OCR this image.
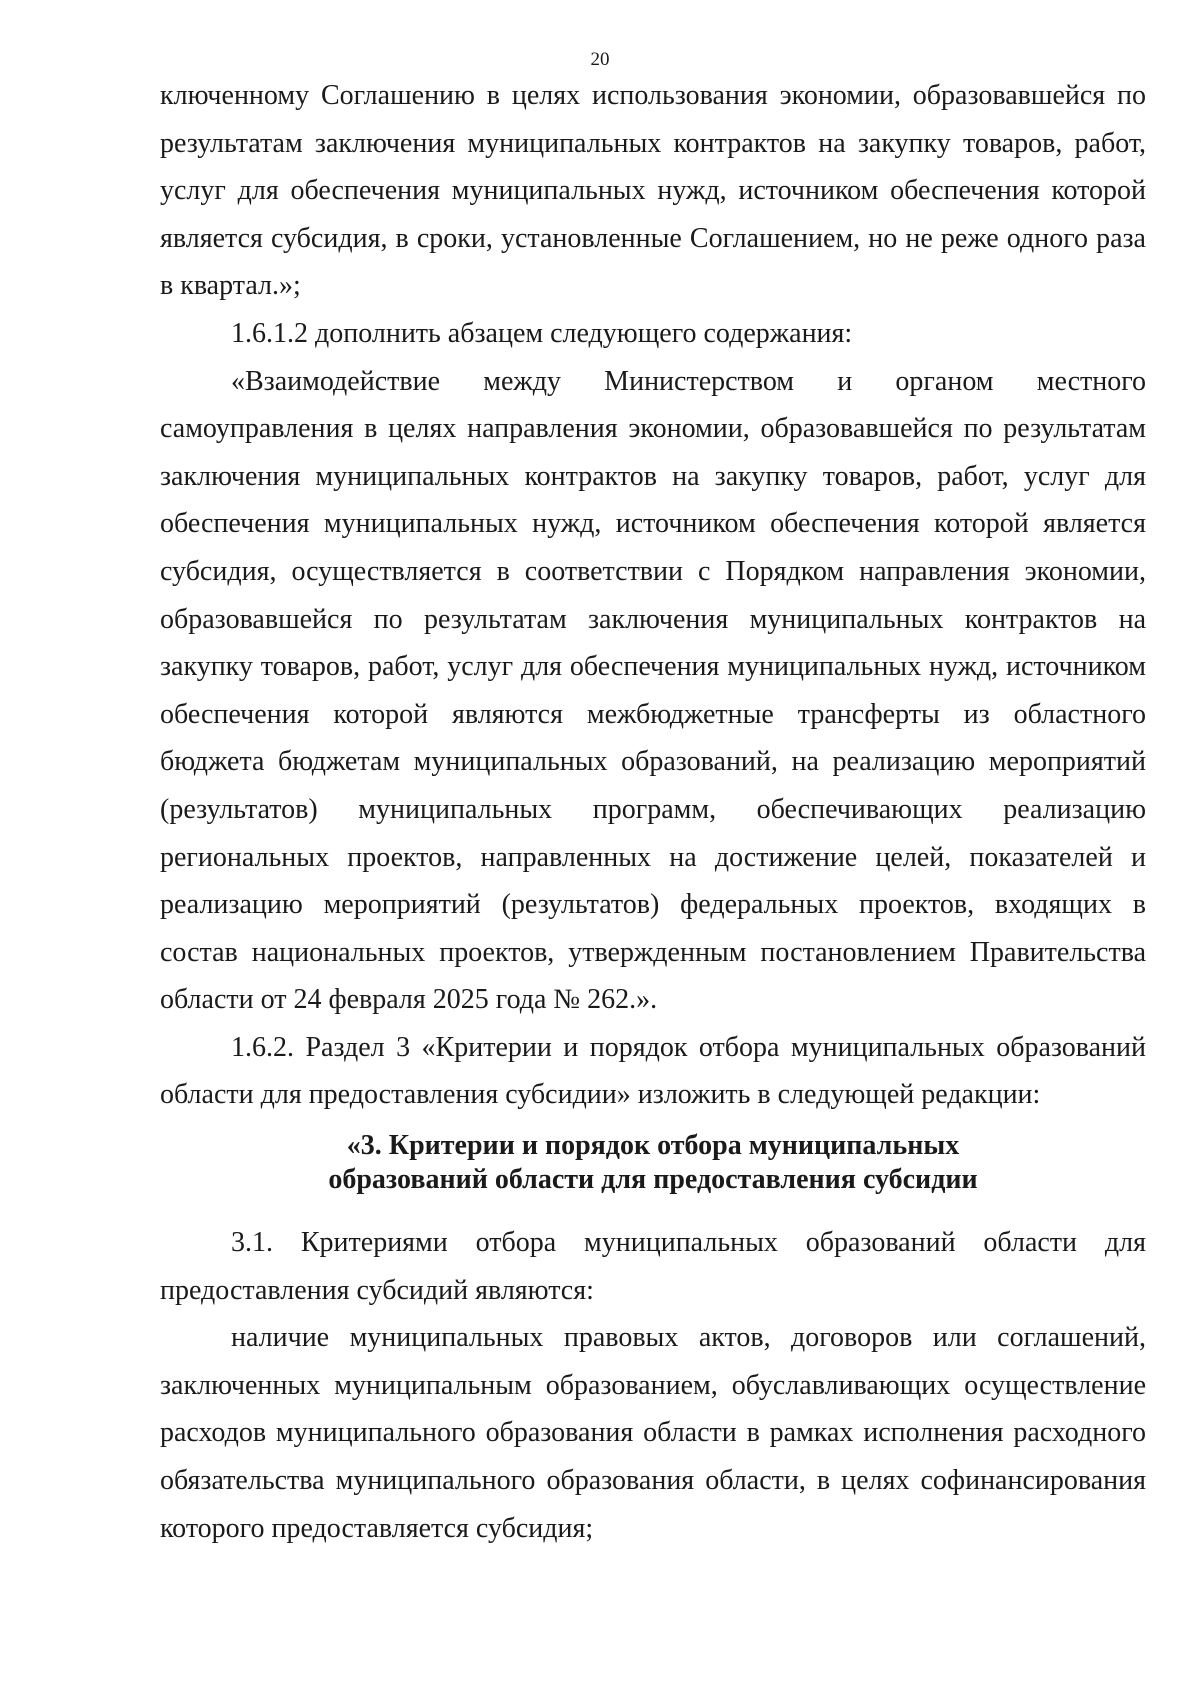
20

ключенному Соглашению в целях использования экономии, образовавшейся по результатам заключения муниципальных контрактов на закупку товаров, работ, услуг для обеспечения муниципальных нужд, источником обеспечения которой является субсидия, в сроки, установленные Соглашением, но не реже одного раза в квартал.»;

1.6.1.2 дополнить абзацем следующего содержания:

«Взаимодействие между Министерством и органом местного самоуправления в целях направления экономии, образовавшейся по результатам заключения муниципальных контрактов на закупку товаров, работ, услуг для обеспечения муниципальных нужд, источником обеспечения которой является субсидия, осуществляется в соответствии с Порядком направления экономии, образовавшейся по результатам заключения муниципальных контрактов на закупку товаров, работ, услуг для обеспечения муниципальных нужд, источником обеспечения которой являются межбюджетные трансферты из областного бюджета бюджетам муниципальных образований, на реализацию мероприятий (результатов) муниципальных программ, обеспечивающих реализацию региональных проектов, направленных на достижение целей, показателей и реализацию мероприятий (результатов) федеральных проектов, входящих в состав национальных проектов, утвержденным постановлением Правительства области от 24 февраля 2025 года № 262.».

1.6.2. Раздел 3 «Критерии и порядок отбора муниципальных образований области для предоставления субсидии» изложить в следующей редакции:

«3. Критерии и порядок отбора муниципальных
образований области для предоставления субсидии

3.1. Критериями отбора муниципальных образований области для предоставления субсидий являются:

наличие муниципальных правовых актов, договоров или соглашений, заключенных муниципальным образованием, обуславливающих осуществление расходов муниципального образования области в рамках исполнения расходного обязательства муниципального образования области, в целях софинансирования которого предоставляется субсидия;
